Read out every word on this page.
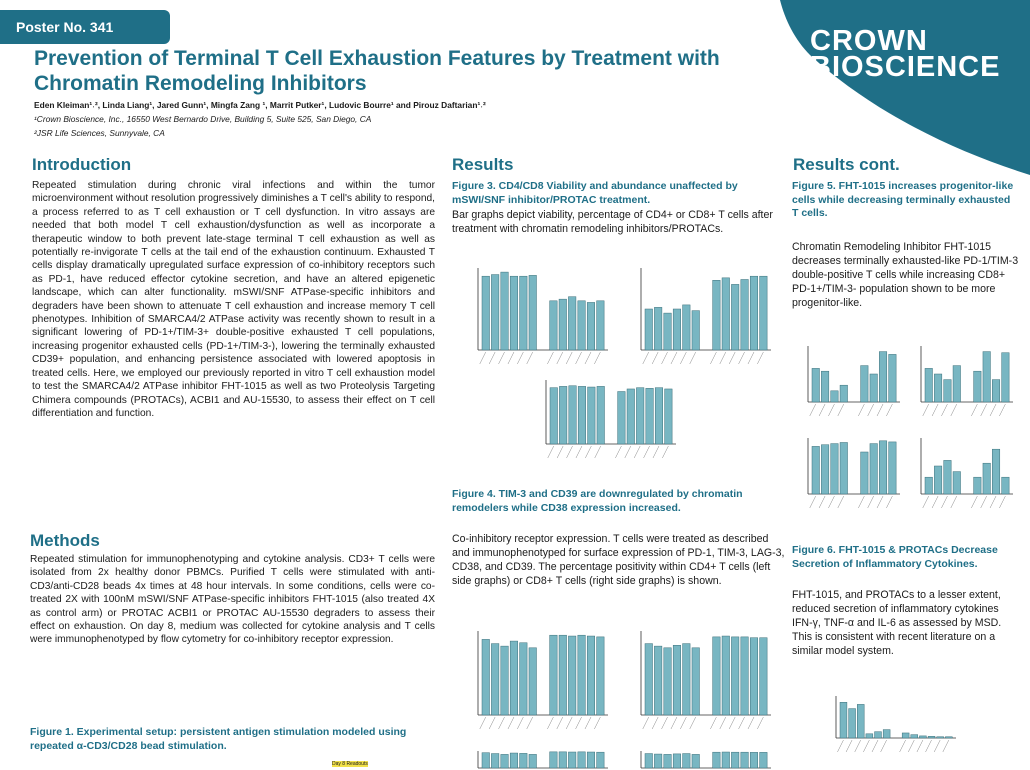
Poster No. 341	CROWN
BIOSCIENCE
Prevention of Terminal T Cell Exhaustion Features by Treatment with Chromatin Remodeling Inhibitors
Eden Kleiman¹˒², Linda Liang¹, Jared Gunn¹, Mingfa Zang ¹, Marrit Putker¹, Ludovic Bourre¹ and Pirouz Daftarian¹˒²
¹Crown Bioscience, Inc., 16550 West Bernardo Drive, Building 5, Suite 525, San Diego, CA
²JSR Life Sciences, Sunnyvale, CA
Introduction

Repeated stimulation during chronic viral infections and within the tumor microenvironment without resolution progressively diminishes a T cell's ability to respond, a process referred to as T cell exhaustion or T cell dysfunction. In vitro assays are needed that both model T cell exhaustion/dysfunction as well as incorporate a therapeutic window to both prevent late-stage terminal T cell exhaustion as well as potentially re-invigorate T cells at the tail end of the exhaustion continuum. Exhausted T cells display dramatically upregulated surface expression of co-inhibitory receptors such as PD-1, have reduced effector cytokine secretion, and have an altered epigenetic landscape, which can alter functionality. mSWI/SNF ATPase-specific inhibitors and degraders have been shown to attenuate T cell exhaustion and increase memory T cell phenotypes. Inhibition of SMARCA4/2 ATPase activity was recently shown to result in a significant lowering of PD-1+/TIM-3+ double-positive exhausted T cell populations, increasing progenitor exhausted cells (PD-1+/TIM-3-), lowering the terminally exhausted CD39+ population, and enhancing persistence associated with lowered apoptosis in treated cells. Here, we employed our previously reported in vitro T cell exhaustion model to test the SMARCA4/2 ATPase inhibitor FHT-1015 as well as two Proteolysis Targeting Chimera compounds (PROTACs), ACBI1 and AU-15530, to assess their effect on T cell differentiation and function.

Methods

Repeated stimulation for immunophenotyping and cytokine analysis. CD3+ T cells were isolated from 2x healthy donor PBMCs. Purified T cells were stimulated with anti-CD3/anti-CD28 beads 4x times at 48 hour intervals. In some conditions, cells were co-treated 2X with 100nM mSWI/SNF ATPase-specific inhibitors FHT-1015 (also treated 4X as control arm) or PROTAC ACBI1 or PROTAC AU-15530 degraders to assess their effect on exhaustion. On day 8, medium was collected for cytokine analysis and T cells were immunophenotyped by flow cytometry for co-inhibitory receptor expression.

Figure 1. Experimental setup: persistent antigen stimulation modeled using repeated α-CD3/CD28 bead stimulation.

Day 8 Readouts
Results

Figure 3. CD4/CD8 Viability and abundance unaffected by mSWI/SNF inhibitor/PROTAC treatment.

Bar graphs depict viability, percentage of CD4+ or CD8+ T cells after treatment with chromatin remodeling inhibitors/PROTACs.

Figure 4. TIM-3 and CD39 are downregulated by chromatin remodelers while CD38 expression increased.

Co-inhibitory receptor expression. T cells were treated as described and immunophenotyped for surface expression of PD-1, TIM-3, LAG-3, CD38, and CD39. The percentage positivity within CD4+ T cells (left side graphs) or CD8+ T cells (right side graphs) is shown.

Results cont.

Figure 5. FHT-1015 increases progenitor-like cells while decreasing terminally exhausted T cells.

Chromatin Remodeling Inhibitor FHT-1015 decreases terminally exhausted-like PD-1/TIM-3 double-positive T cells while increasing CD8+ PD-1+/TIM-3- population shown to be more progenitor-like.

Figure 6. FHT-1015 & PROTACs Decrease Secretion of Inflammatory Cytokines.

FHT-1015, and PROTACs to a lesser extent, reduced secretion of inflammatory cytokines IFN-γ, TNF-α and IL-6 as assessed by MSD. This is consistent with recent literature on a similar model system.
